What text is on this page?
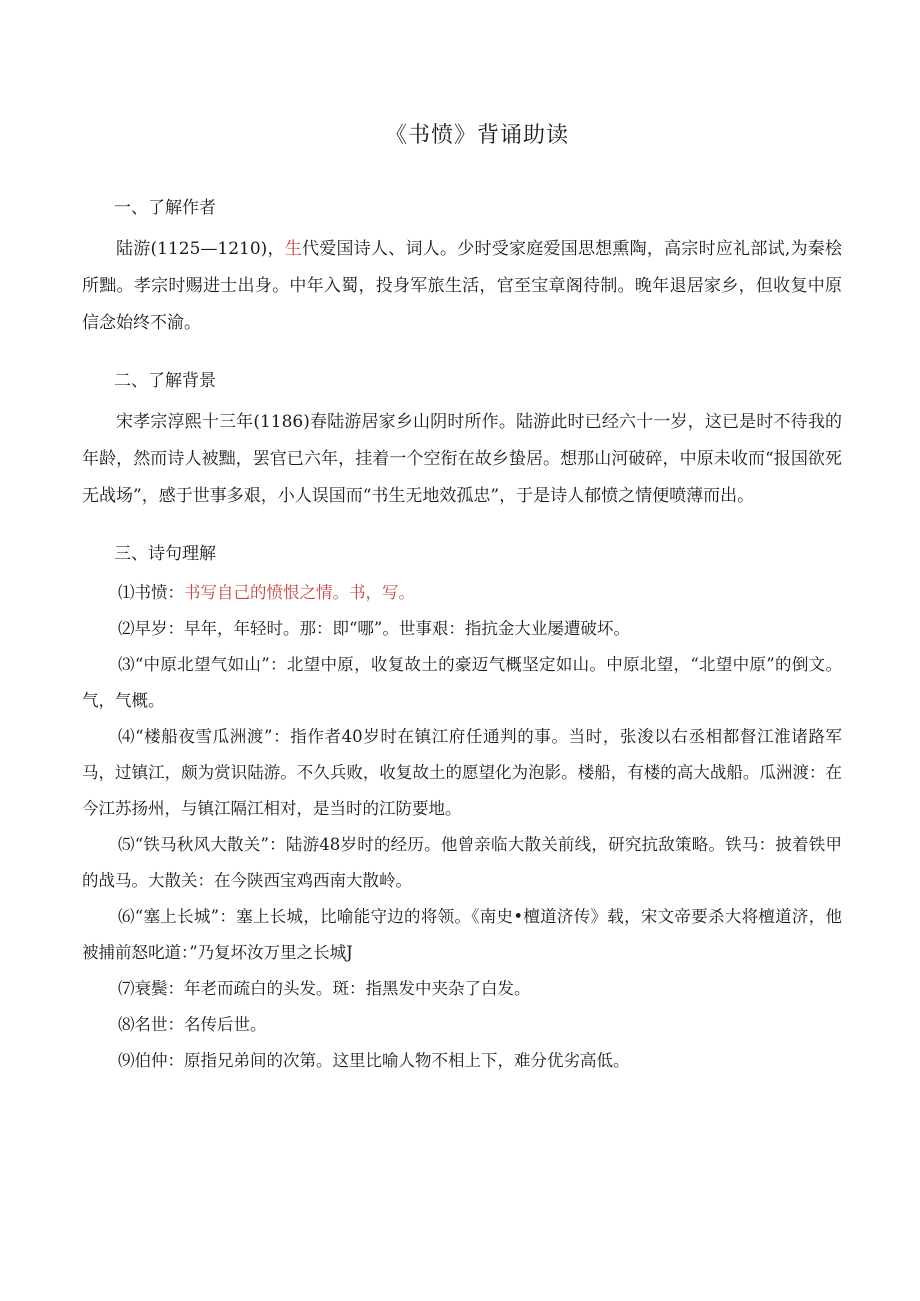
《书愤》背诵助读
一、了解作者

陆游(1125—1210)，生代爱国诗人、词人。少时受家庭爱国思想熏陶，高宗时应礼部试,为秦桧所黜。孝宗时赐进士出身。中年入蜀，投身军旅生活，官至宝章阁待制。晚年退居家乡，但收复中原信念始终不渝。

二、了解背景

宋孝宗淳熙十三年(1186)春陆游居家乡山阴时所作。陆游此时已经六十一岁，这已是时不待我的年龄，然而诗人被黜，罢官已六年，挂着一个空衔在故乡蛰居。想那山河破碎，中原未收而“报国欲死无战场”，感于世事多艰，小人误国而“书生无地效孤忠”，于是诗人郁愤之情便喷薄而出。

三、诗句理解

⑴书愤：书写自己的愤恨之情。书，写。

⑵早岁：早年，年轻时。那：即“哪”。世事艰：指抗金大业屡遭破坏。

⑶“中原北望气如山”：北望中原，收复故土的豪迈气概坚定如山。中原北望，“北望中原”的倒文。气，气概。

⑷“楼船夜雪瓜洲渡”：指作者40岁时在镇江府任通判的事。当时，张浚以右丞相都督江淮诸路军马，过镇江，颇为赏识陆游。不久兵败，收复故土的愿望化为泡影。楼船，有楼的高大战船。瓜洲渡：在今江苏扬州，与镇江隔江相对，是当时的江防要地。

⑸“铁马秋风大散关”：陆游48岁时的经历。他曾亲临大散关前线，研究抗敌策略。铁马：披着铁甲的战马。大散关：在今陕西宝鸡西南大散岭。

⑹“塞上长城”：塞上长城，比喻能守边的将领。《南史•檀道济传》载，宋文帝要杀大将檀道济，他被捕前怒叱道：”乃复坏汝万里之长城J

⑺衰鬓：年老而疏白的头发。斑：指黑发中夹杂了白发。

⑻名世：名传后世。

⑼伯仲：原指兄弟间的次第。这里比喻人物不相上下，难分优劣高低。
